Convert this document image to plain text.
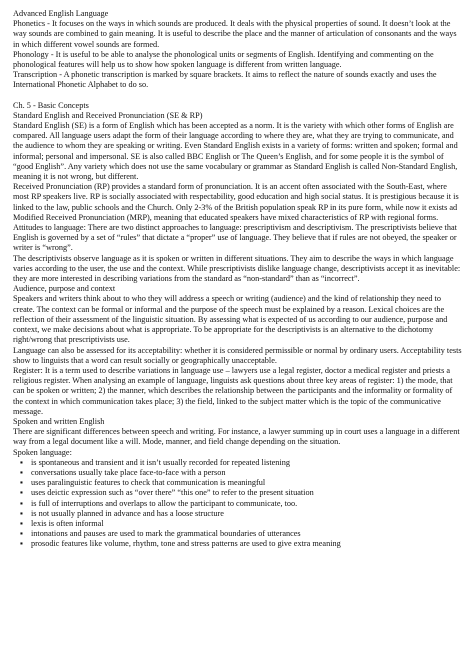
Advanced English Language

Phonetics - It focuses on the ways in which sounds are produced. It deals with the physical properties of sound. It doesn’t look at the way sounds are combined to gain meaning. It is useful to describe the place and the manner of articulation of consonants and the ways in which different vowel sounds are formed.

Phonology - It is useful to be able to analyse the phonological units or segments of English. Identifying and commenting on the phonological features will help us to show how spoken language is different from written language.

Transcription - A phonetic transcription is marked by square brackets. It aims to reflect the nature of sounds exactly and uses the International Phonetic Alphabet to do so.

Ch. 5 - Basic Concepts

Standard English and Received Pronunciation (SE & RP)

Standard English (SE) is a form of English which has been accepted as a norm. It is the variety with which other forms of English are compared. All language users adapt the form of their language according to where they are, what they are trying to communicate, and the audience to whom they are speaking or writing. Even Standard English exists in a variety of forms: written and spoken; formal and informal; personal and impersonal. SE is also called BBC English or The Queen’s English, and for some people it is the symbol of “good English”. Any variety which does not use the same vocabulary or grammar as Standard English is called Non-Standard English, meaning it is not wrong, but different.

Received Pronunciation (RP) provides a standard form of pronunciation. It is an accent often associated with the South-East, where most RP speakers live. RP is socially associated with respectability, good education and high social status. It is prestigious because it is linked to the law, public schools and the Church. Only 2-3% of the British population speak RP in its pure form, while now it exists ad Modified Received Pronunciation (MRP), meaning that educated speakers have mixed characteristics of RP with regional forms.

Attitudes to language: There are two distinct approaches to language: prescriptivism and descriptivism. The prescriptivists believe that English is governed by a set of “rules” that dictate a “proper” use of language. They believe that if rules are not obeyed, the speaker or writer is “wrong”.

The descriptivists observe language as it is spoken or written in different situations. They aim to describe the ways in which language varies according to the user, the use and the context. While prescriptivists dislike language change, descriptivists accept it as inevitable: they are more interested in describing variations from the standard as “non-standard” than as “incorrect”.

Audience, purpose and context

Speakers and writers think about to who they will address a speech or writing (audience) and the kind of relationship they need to create. The context can be formal or informal and the purpose of the speech must be explained by a reason. Lexical choices are the reflection of their assessment of the linguistic situation. By assessing what is expected of us according to our audience, purpose and context, we make decisions about what is appropriate. To be appropriate for the descriptivists is an alternative to the dichotomy right/wrong that prescriptivists use.

Language can also be assessed for its acceptability: whether it is considered permissible or normal by ordinary users. Acceptability tests show to linguists that a word can result socially or geographically unacceptable.

Register: It is a term used to describe variations in language use – lawyers use a legal register, doctor a medical register and priests a religious register. When analysing an example of language, linguists ask questions about three key areas of register: 1) the mode, that can be spoken or written; 2) the manner, which describes the relationship between the participants and the informality or formality of the context in which communication takes place; 3) the field, linked to the subject matter which is the topic of the communicative message.

Spoken and written English

There are significant differences between speech and writing. For instance, a lawyer summing up in court uses a language in a different way from a legal document like a will. Mode, manner, and field change depending on the situation.

Spoken language:

▪ is spontaneous and transient and it isn’t usually recorded for repeated listening
▪ conversations usually take place face-to-face with a person
▪ uses paralinguistic features to check that communication is meaningful
▪ uses deictic expression such as “over there” “this one” to refer to the present situation
▪ is full of interruptions and overlaps to allow the participant to communicate, too.
▪ is not usually planned in advance and has a loose structure
▪ lexis is often informal
▪ intonations and pauses are used to mark the grammatical boundaries of utterances
▪ prosodic features like volume, rhythm, tone and stress patterns are used to give extra meaning
